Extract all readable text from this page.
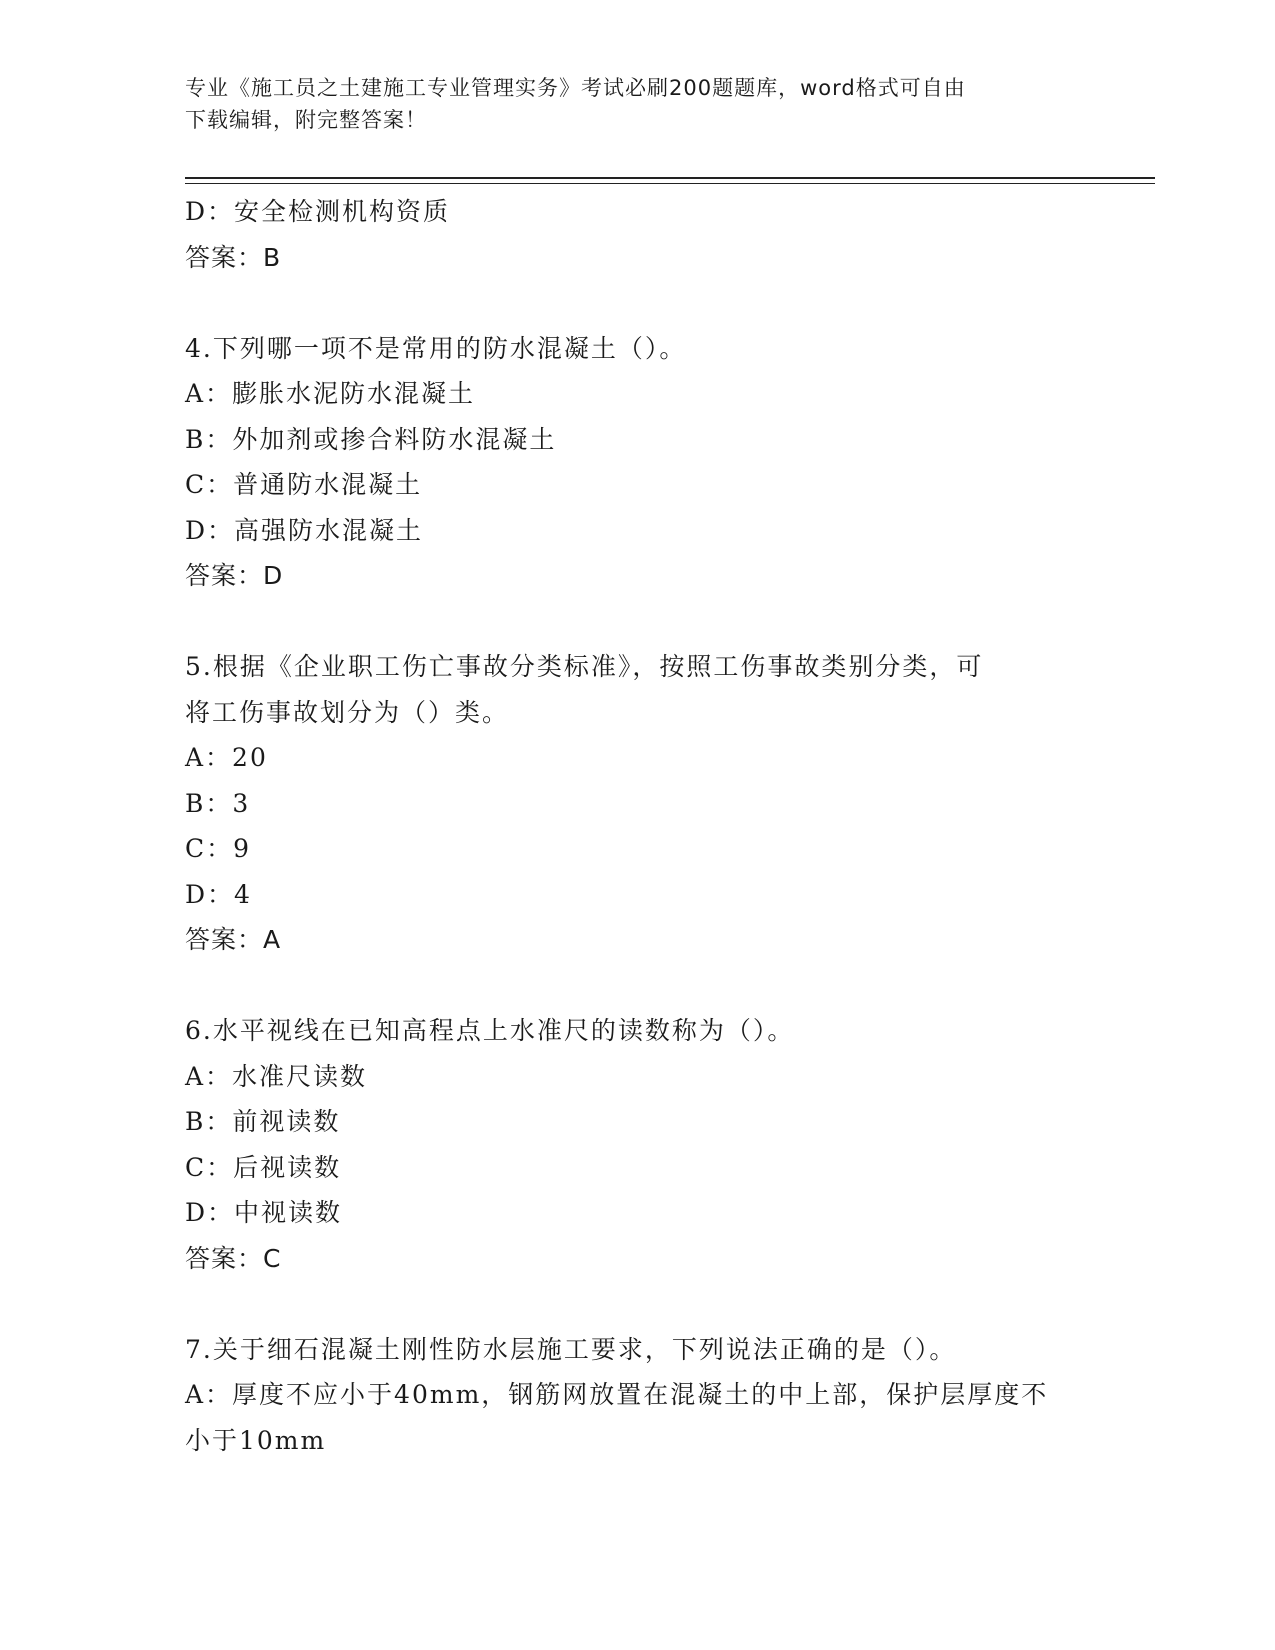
专业《施工员之土建施工专业管理实务》考试必刷200题题库，word格式可自由
下载编辑，附完整答案！
D：安全检测机构资质
答案：B
4.下列哪一项不是常用的防水混凝土（）。
A：膨胀水泥防水混凝土
B：外加剂或掺合料防水混凝土
C：普通防水混凝土
D：高强防水混凝土
答案：D
5.根据《企业职工伤亡事故分类标准》，按照工伤事故类别分类，可
将工伤事故划分为（）类。
A：20
B：3
C：9
D：4
答案：A
6.水平视线在已知高程点上水准尺的读数称为（）。
A：水准尺读数
B：前视读数
C：后视读数
D：中视读数
答案：C
7.关于细石混凝土刚性防水层施工要求，下列说法正确的是（）。
A：厚度不应小于40mm，钢筋网放置在混凝土的中上部，保护层厚度不
小于10mm
